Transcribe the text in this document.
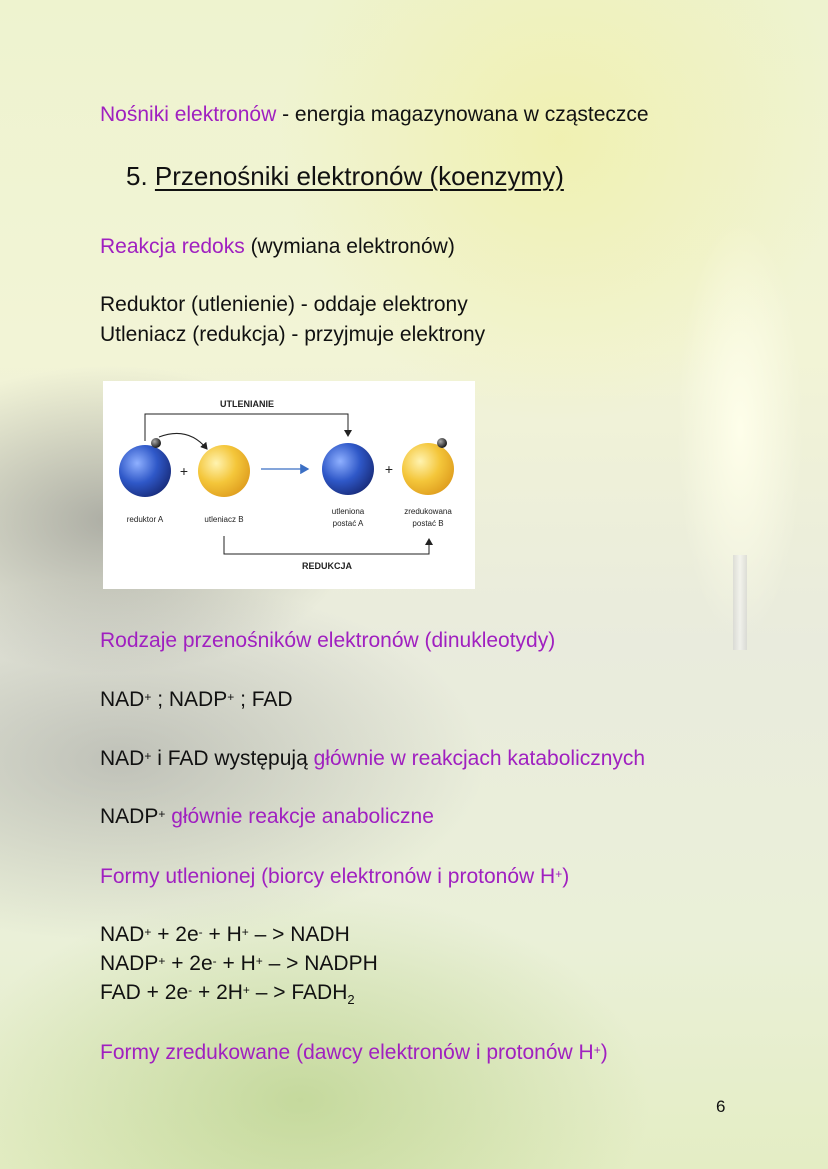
Nośniki elektronów - energia magazynowana w cząsteczce
5. Przenośniki elektronów (koenzymy)
Reakcja redoks (wymiana elektronów)
Reduktor (utlenienie) - oddaje elektrony
Utleniacz (redukcja) - przyjmuje elektrony
UTLENIANIE
+	+
reduktor A	utleniacz B
utleniona
postać A
zredukowana
postać B
REDUKCJA
Rodzaje przenośników elektronów (dinukleotydy)
NAD+ ; NADP+ ; FAD
NAD+ i FAD występują głównie w reakcjach katabolicznych
NADP+ głównie reakcje anaboliczne
Formy utlenionej (biorcy elektronów i protonów H+)
NAD+ + 2e- + H+ – > NADH
NADP+ + 2e- + H+ – > NADPH
FAD + 2e- + 2H+ – > $FADH_2$
Formy zredukowane (dawcy elektronów i protonów H+)
6
